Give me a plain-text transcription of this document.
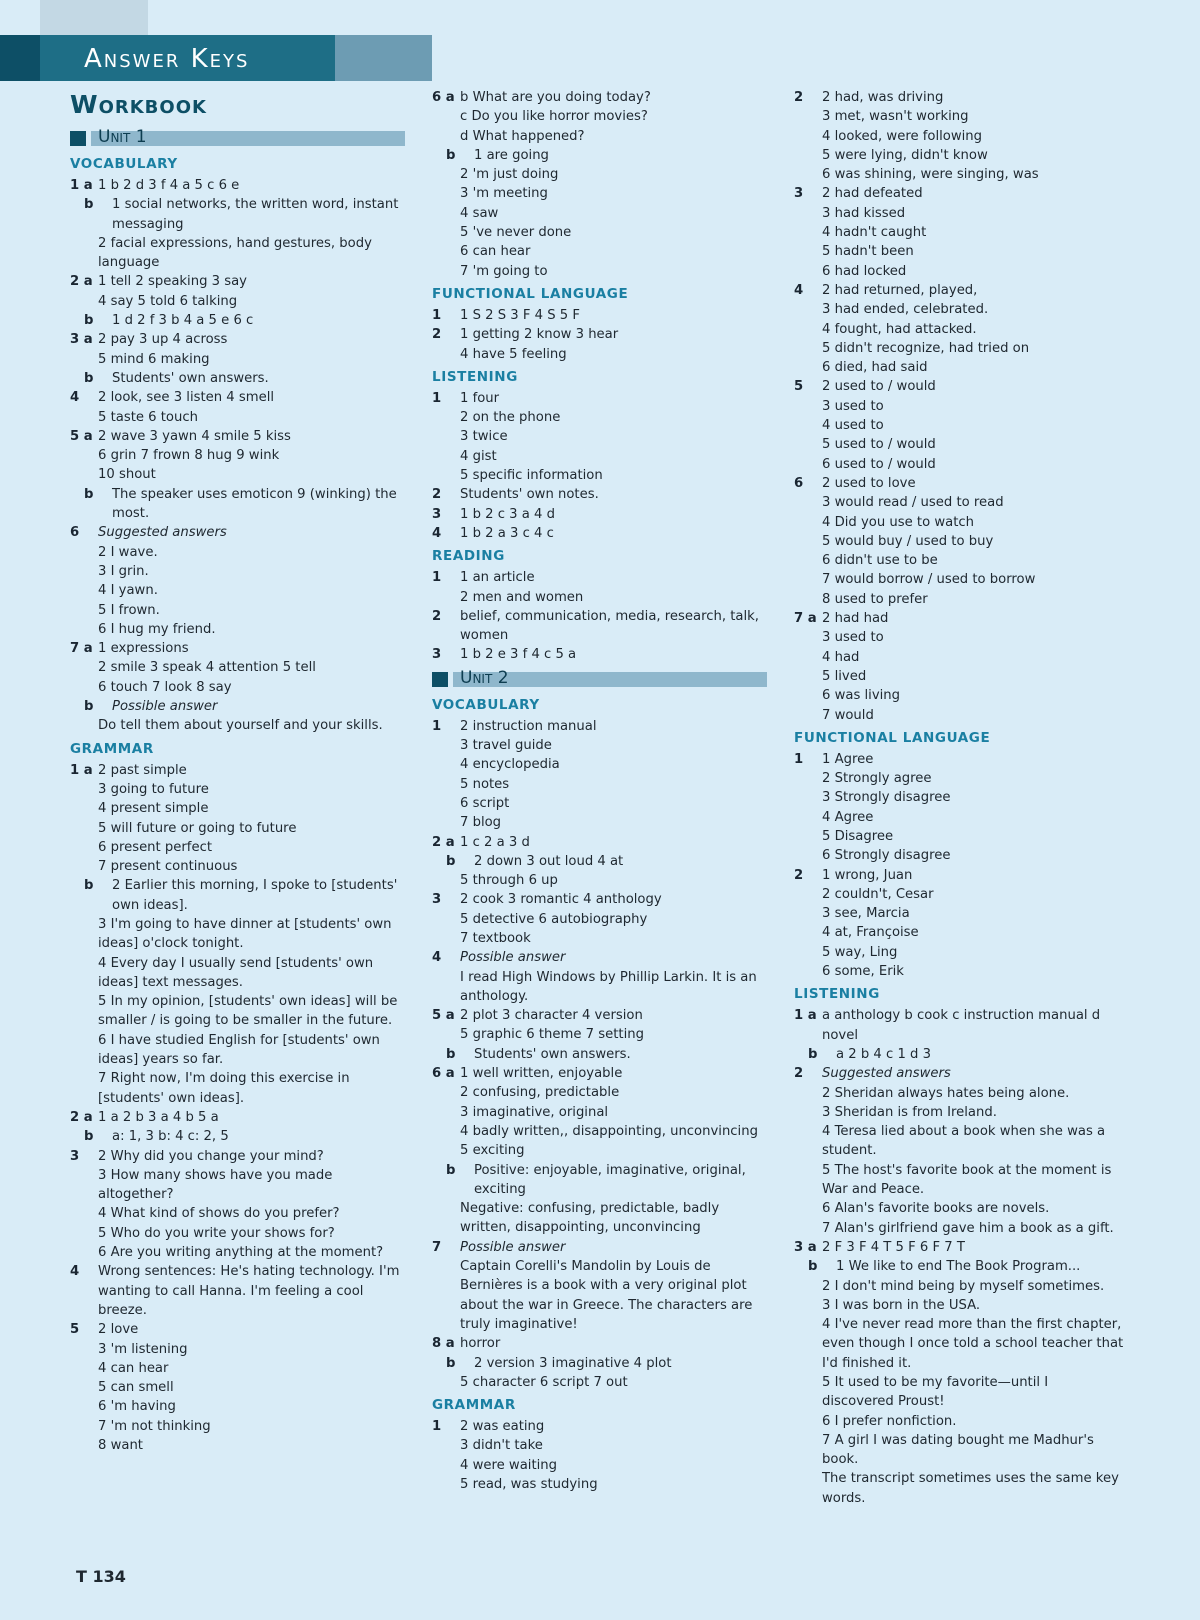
Answer Keys
Workbook
Unit 1
VOCABULARY
1 a 1 b 2 d 3 f 4 a 5 c 6 e
b 1 social networks, the written word, instant messaging
2 facial expressions, hand gestures, body language
2 a 1 tell 2 speaking 3 say
4 say 5 told 6 talking
b 1 d 2 f 3 b 4 a 5 e 6 c
3 a 2 pay 3 up 4 across
5 mind 6 making
b Students' own answers.
4 2 look, see 3 listen 4 smell
5 taste 6 touch
5 a 2 wave 3 yawn 4 smile 5 kiss
6 grin 7 frown 8 hug 9 wink
10 shout
b The speaker uses emoticon 9 (winking) the most.
6 Suggested answers
2 I wave.
3 I grin.
4 I yawn.
5 I frown.
6 I hug my friend.
7 a 1 expressions
2 smile 3 speak 4 attention 5 tell
6 touch 7 look 8 say
b Possible answer
Do tell them about yourself and your skills.
GRAMMAR
1 a 2 past simple
3 going to future
4 present simple
5 will future or going to future
6 present perfect
7 present continuous
b 2 Earlier this morning, I spoke to [students' own ideas].
3 I'm going to have dinner at [students' own ideas] o'clock tonight.
4 Every day I usually send [students' own ideas] text messages.
5 In my opinion, [students' own ideas] will be smaller / is going to be smaller in the future.
6 I have studied English for [students' own ideas] years so far.
7 Right now, I'm doing this exercise in [students' own ideas].
2 a 1 a 2 b 3 a 4 b 5 a
b a: 1, 3 b: 4 c: 2, 5
3 2 Why did you change your mind?
3 How many shows have you made altogether?
4 What kind of shows do you prefer?
5 Who do you write your shows for?
6 Are you writing anything at the moment?
4 Wrong sentences: He's hating technology. I'm wanting to call Hanna. I'm feeling a cool breeze.
5 2 love
3 'm listening
4 can hear
5 can smell
6 'm having
7 'm not thinking
8 want
6 a b What are you doing today?
c Do you like horror movies?
d What happened?
b 1 are going
2 'm just doing
3 'm meeting
4 saw
5 've never done
6 can hear
7 'm going to
FUNCTIONAL LANGUAGE
1 1 S 2 S 3 F 4 S 5 F
2 1 getting 2 know 3 hear
4 have 5 feeling
LISTENING
1 1 four
2 on the phone
3 twice
4 gist
5 specific information
2 Students' own notes.
3 1 b 2 c 3 a 4 d
4 1 b 2 a 3 c 4 c
READING
1 1 an article
2 men and women
2 belief, communication, media, research, talk, women
3 1 b 2 e 3 f 4 c 5 a
Unit 2
VOCABULARY
1 2 instruction manual
3 travel guide
4 encyclopedia
5 notes
6 script
7 blog
2 a 1 c 2 a 3 d
b 2 down 3 out loud 4 at
5 through 6 up
3 2 cook 3 romantic 4 anthology
5 detective 6 autobiography
7 textbook
4 Possible answer
I read High Windows by Phillip Larkin. It is an anthology.
5 a 2 plot 3 character 4 version
5 graphic 6 theme 7 setting
b Students' own answers.
6 a 1 well written, enjoyable
2 confusing, predictable
3 imaginative, original
4 badly written,, disappointing, unconvincing
5 exciting
b Positive: enjoyable, imaginative, original, exciting
Negative: confusing, predictable, badly written, disappointing, unconvincing
7 Possible answer
Captain Corelli's Mandolin by Louis de Bernières is a book with a very original plot about the war in Greece. The characters are truly imaginative!
8 a horror
b 2 version 3 imaginative 4 plot
5 character 6 script 7 out
GRAMMAR
1 2 was eating
3 didn't take
4 were waiting
5 read, was studying
2 2 had, was driving
3 met, wasn't working
4 looked, were following
5 were lying, didn't know
6 was shining, were singing, was
3 2 had defeated
3 had kissed
4 hadn't caught
5 hadn't been
6 had locked
4 2 had returned, played,
3 had ended, celebrated.
4 fought, had attacked.
5 didn't recognize, had tried on
6 died, had said
5 2 used to / would
3 used to
4 used to
5 used to / would
6 used to / would
6 2 used to love
3 would read / used to read
4 Did you use to watch
5 would buy / used to buy
6 didn't use to be
7 would borrow / used to borrow
8 used to prefer
7 a 2 had had
3 used to
4 had
5 lived
6 was living
7 would
FUNCTIONAL LANGUAGE
1 1 Agree
2 Strongly agree
3 Strongly disagree
4 Agree
5 Disagree
6 Strongly disagree
2 1 wrong, Juan
2 couldn't, Cesar
3 see, Marcia
4 at, Françoise
5 way, Ling
6 some, Erik
LISTENING
1 a a anthology b cook c instruction manual d novel
b a 2 b 4 c 1 d 3
2 Suggested answers
2 Sheridan always hates being alone.
3 Sheridan is from Ireland.
4 Teresa lied about a book when she was a student.
5 The host's favorite book at the moment is War and Peace.
6 Alan's favorite books are novels.
7 Alan's girlfriend gave him a book as a gift.
3 a 2 F 3 F 4 T 5 F 6 F 7 T
b 1 We like to end The Book Program...
2 I don't mind being by myself sometimes.
3 I was born in the USA.
4 I've never read more than the first chapter, even though I once told a school teacher that I'd finished it.
5 It used to be my favorite—until I discovered Proust!
6 I prefer nonfiction.
7 A girl I was dating bought me Madhur's book.
The transcript sometimes uses the same key words.
T 134
